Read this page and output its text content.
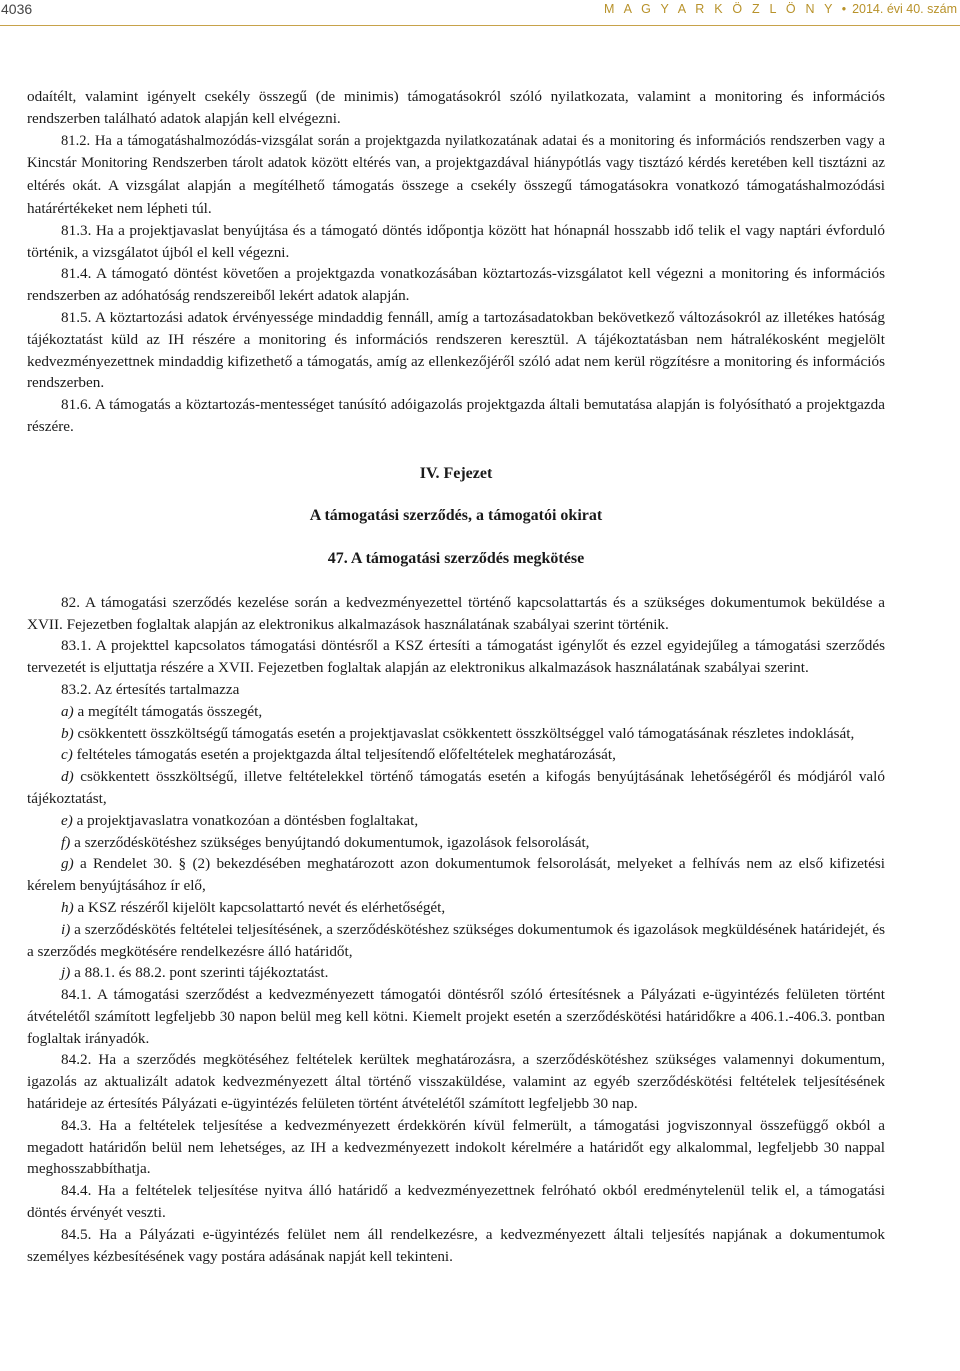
4036	M A G Y A R K Ö Z L Ö N Y • 2014. évi 40. szám

odaítélt, valamint igényelt csekély összegű (de minimis) támogatásokról szóló nyilatkozata, valamint a monitoring és információs rendszerben található adatok alapján kell elvégezni.

81.2. Ha a támogatáshalmozódás-vizsgálat során a projektgazda nyilatkozatának adatai és a monitoring és információs rendszerben vagy a Kincstár Monitoring Rendszerben tárolt adatok között eltérés van, a projektgazdával hiánypótlás vagy tisztázó kérdés keretében kell tisztázni az eltérés okát. A vizsgálat alapján a megítélhető támogatás összege a csekély összegű támogatásokra vonatkozó támogatáshalmozódási határértékeket nem lépheti túl.

81.3. Ha a projektjavaslat benyújtása és a támogató döntés időpontja között hat hónapnál hosszabb idő telik el vagy naptári évforduló történik, a vizsgálatot újból el kell végezni.

81.4. A támogató döntést követően a projektgazda vonatkozásában köztartozás-vizsgálatot kell végezni a monitoring és információs rendszerben az adóhatóság rendszereiből lekért adatok alapján.

81.5. A köztartozási adatok érvényessége mindaddig fennáll, amíg a tartozásadatokban bekövetkező változásokról az illetékes hatóság tájékoztatást küld az IH részére a monitoring és információs rendszeren keresztül. A tájékoztatásban nem hátralékosként megjelölt kedvezményezettnek mindaddig kifizethető a támogatás, amíg az ellenkezőjéről szóló adat nem kerül rögzítésre a monitoring és információs rendszerben.

81.6. A támogatás a köztartozás-mentességet tanúsító adóigazolás projektgazda általi bemutatása alapján is folyósítható a projektgazda részére.

IV. Fejezet
A támogatási szerződés, a támogatói okirat
47. A támogatási szerződés megkötése

82. A támogatási szerződés kezelése során a kedvezményezettel történő kapcsolattartás és a szükséges dokumentumok beküldése a XVII. Fejezetben foglaltak alapján az elektronikus alkalmazások használatának szabályai szerint történik.

83.1. A projekttel kapcsolatos támogatási döntésről a KSZ értesíti a támogatást igénylőt és ezzel egyidejűleg a támogatási szerződés tervezetét is eljuttatja részére a XVII. Fejezetben foglaltak alapján az elektronikus alkalmazások használatának szabályai szerint.

83.2. Az értesítés tartalmazza

a) a megítélt támogatás összegét,

b) csökkentett összköltségű támogatás esetén a projektjavaslat csökkentett összköltséggel való támogatásának részletes indoklását,

c) feltételes támogatás esetén a projektgazda által teljesítendő előfeltételek meghatározását,

d) csökkentett összköltségű, illetve feltételekkel történő támogatás esetén a kifogás benyújtásának lehetőségéről és módjáról való tájékoztatást,

e) a projektjavaslatra vonatkozóan a döntésben foglaltakat,

f) a szerződéskötéshez szükséges benyújtandó dokumentumok, igazolások felsorolását,

g) a Rendelet 30. § (2) bekezdésében meghatározott azon dokumentumok felsorolását, melyeket a felhívás nem az első kifizetési kérelem benyújtásához ír elő,

h) a KSZ részéről kijelölt kapcsolattartó nevét és elérhetőségét,

i) a szerződéskötés feltételei teljesítésének, a szerződéskötéshez szükséges dokumentumok és igazolások megküldésének határidejét, és a szerződés megkötésére rendelkezésre álló határidőt,

j) a 88.1. és 88.2. pont szerinti tájékoztatást.

84.1. A támogatási szerződést a kedvezményezett támogatói döntésről szóló értesítésnek a Pályázati e-ügyintézés felületen történt átvételétől számított legfeljebb 30 napon belül meg kell kötni. Kiemelt projekt esetén a szerződéskötési határidőkre a 406.1.-406.3. pontban foglaltak irányadók.

84.2. Ha a szerződés megkötéséhez feltételek kerültek meghatározásra, a szerződéskötéshez szükséges valamennyi dokumentum, igazolás az aktualizált adatok kedvezményezett által történő visszaküldése, valamint az egyéb szerződéskötési feltételek teljesítésének határideje az értesítés Pályázati e-ügyintézés felületen történt átvételétől számított legfeljebb 30 nap.

84.3. Ha a feltételek teljesítése a kedvezményezett érdekkörén kívül felmerült, a támogatási jogviszonnyal összefüggő okból a megadott határidőn belül nem lehetséges, az IH a kedvezményezett indokolt kérelmére a határidőt egy alkalommal, legfeljebb 30 nappal meghosszabbíthatja.

84.4. Ha a feltételek teljesítése nyitva álló határidő a kedvezményezettnek felróható okból eredménytelenül telik el, a támogatási döntés érvényét veszti.

84.5. Ha a Pályázati e-ügyintézés felület nem áll rendelkezésre, a kedvezményezett általi teljesítés napjának a dokumentumok személyes kézbesítésének vagy postára adásának napját kell tekinteni.
